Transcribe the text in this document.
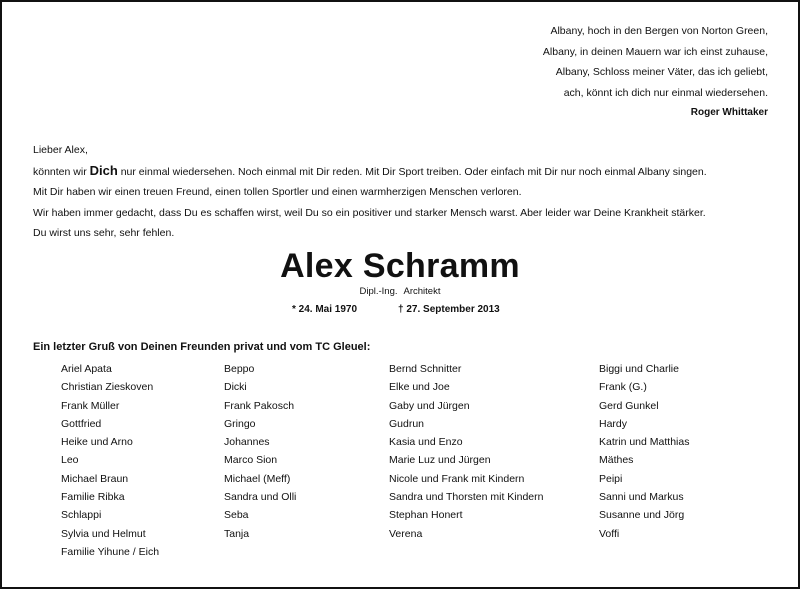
Albany, hoch in den Bergen von Norton Green,
Albany, in deinen Mauern war ich einst zuhause,
Albany, Schloss meiner Väter, das ich geliebt,
ach, könnt ich dich nur einmal wiedersehen.
Roger Whittaker
Lieber Alex,
könnten wir Dich nur einmal wiedersehen. Noch einmal mit Dir reden. Mit Dir Sport treiben. Oder einfach mit Dir nur noch einmal Albany singen.
Mit Dir haben wir einen treuen Freund, einen tollen Sportler und einen warmherzigen Menschen verloren.
Wir haben immer gedacht, dass Du es schaffen wirst, weil Du so ein positiver und starker Mensch warst. Aber leider war Deine Krankheit stärker.
Du wirst uns sehr, sehr fehlen.
Alex Schramm
Dipl.-Ing. Architekt
* 24. Mai 1970	† 27. September 2013
Ein letzter Gruß von Deinen Freunden privat und vom TC Gleuel:
Ariel Apata
Christian Zieskoven
Frank Müller
Gottfried
Heike und Arno
Leo
Michael Braun
Familie Ribka
Schlappi
Sylvia und Helmut
Beppo
Dicki
Frank Pakosch
Gringo
Johannes
Marco Sion
Michael (Meff)
Sandra und Olli
Seba
Tanja
Bernd Schnitter
Elke und Joe
Gaby und Jürgen
Gudrun
Kasia und Enzo
Marie Luz und Jürgen
Nicole und Frank mit Kindern
Sandra und Thorsten mit Kindern
Stephan Honert
Verena
Biggi und Charlie
Frank (G.)
Gerd Gunkel
Hardy
Katrin und Matthias
Mäthes
Peipi
Sanni und Markus
Susanne und Jörg
Voffi
Familie Yihune / Eich
